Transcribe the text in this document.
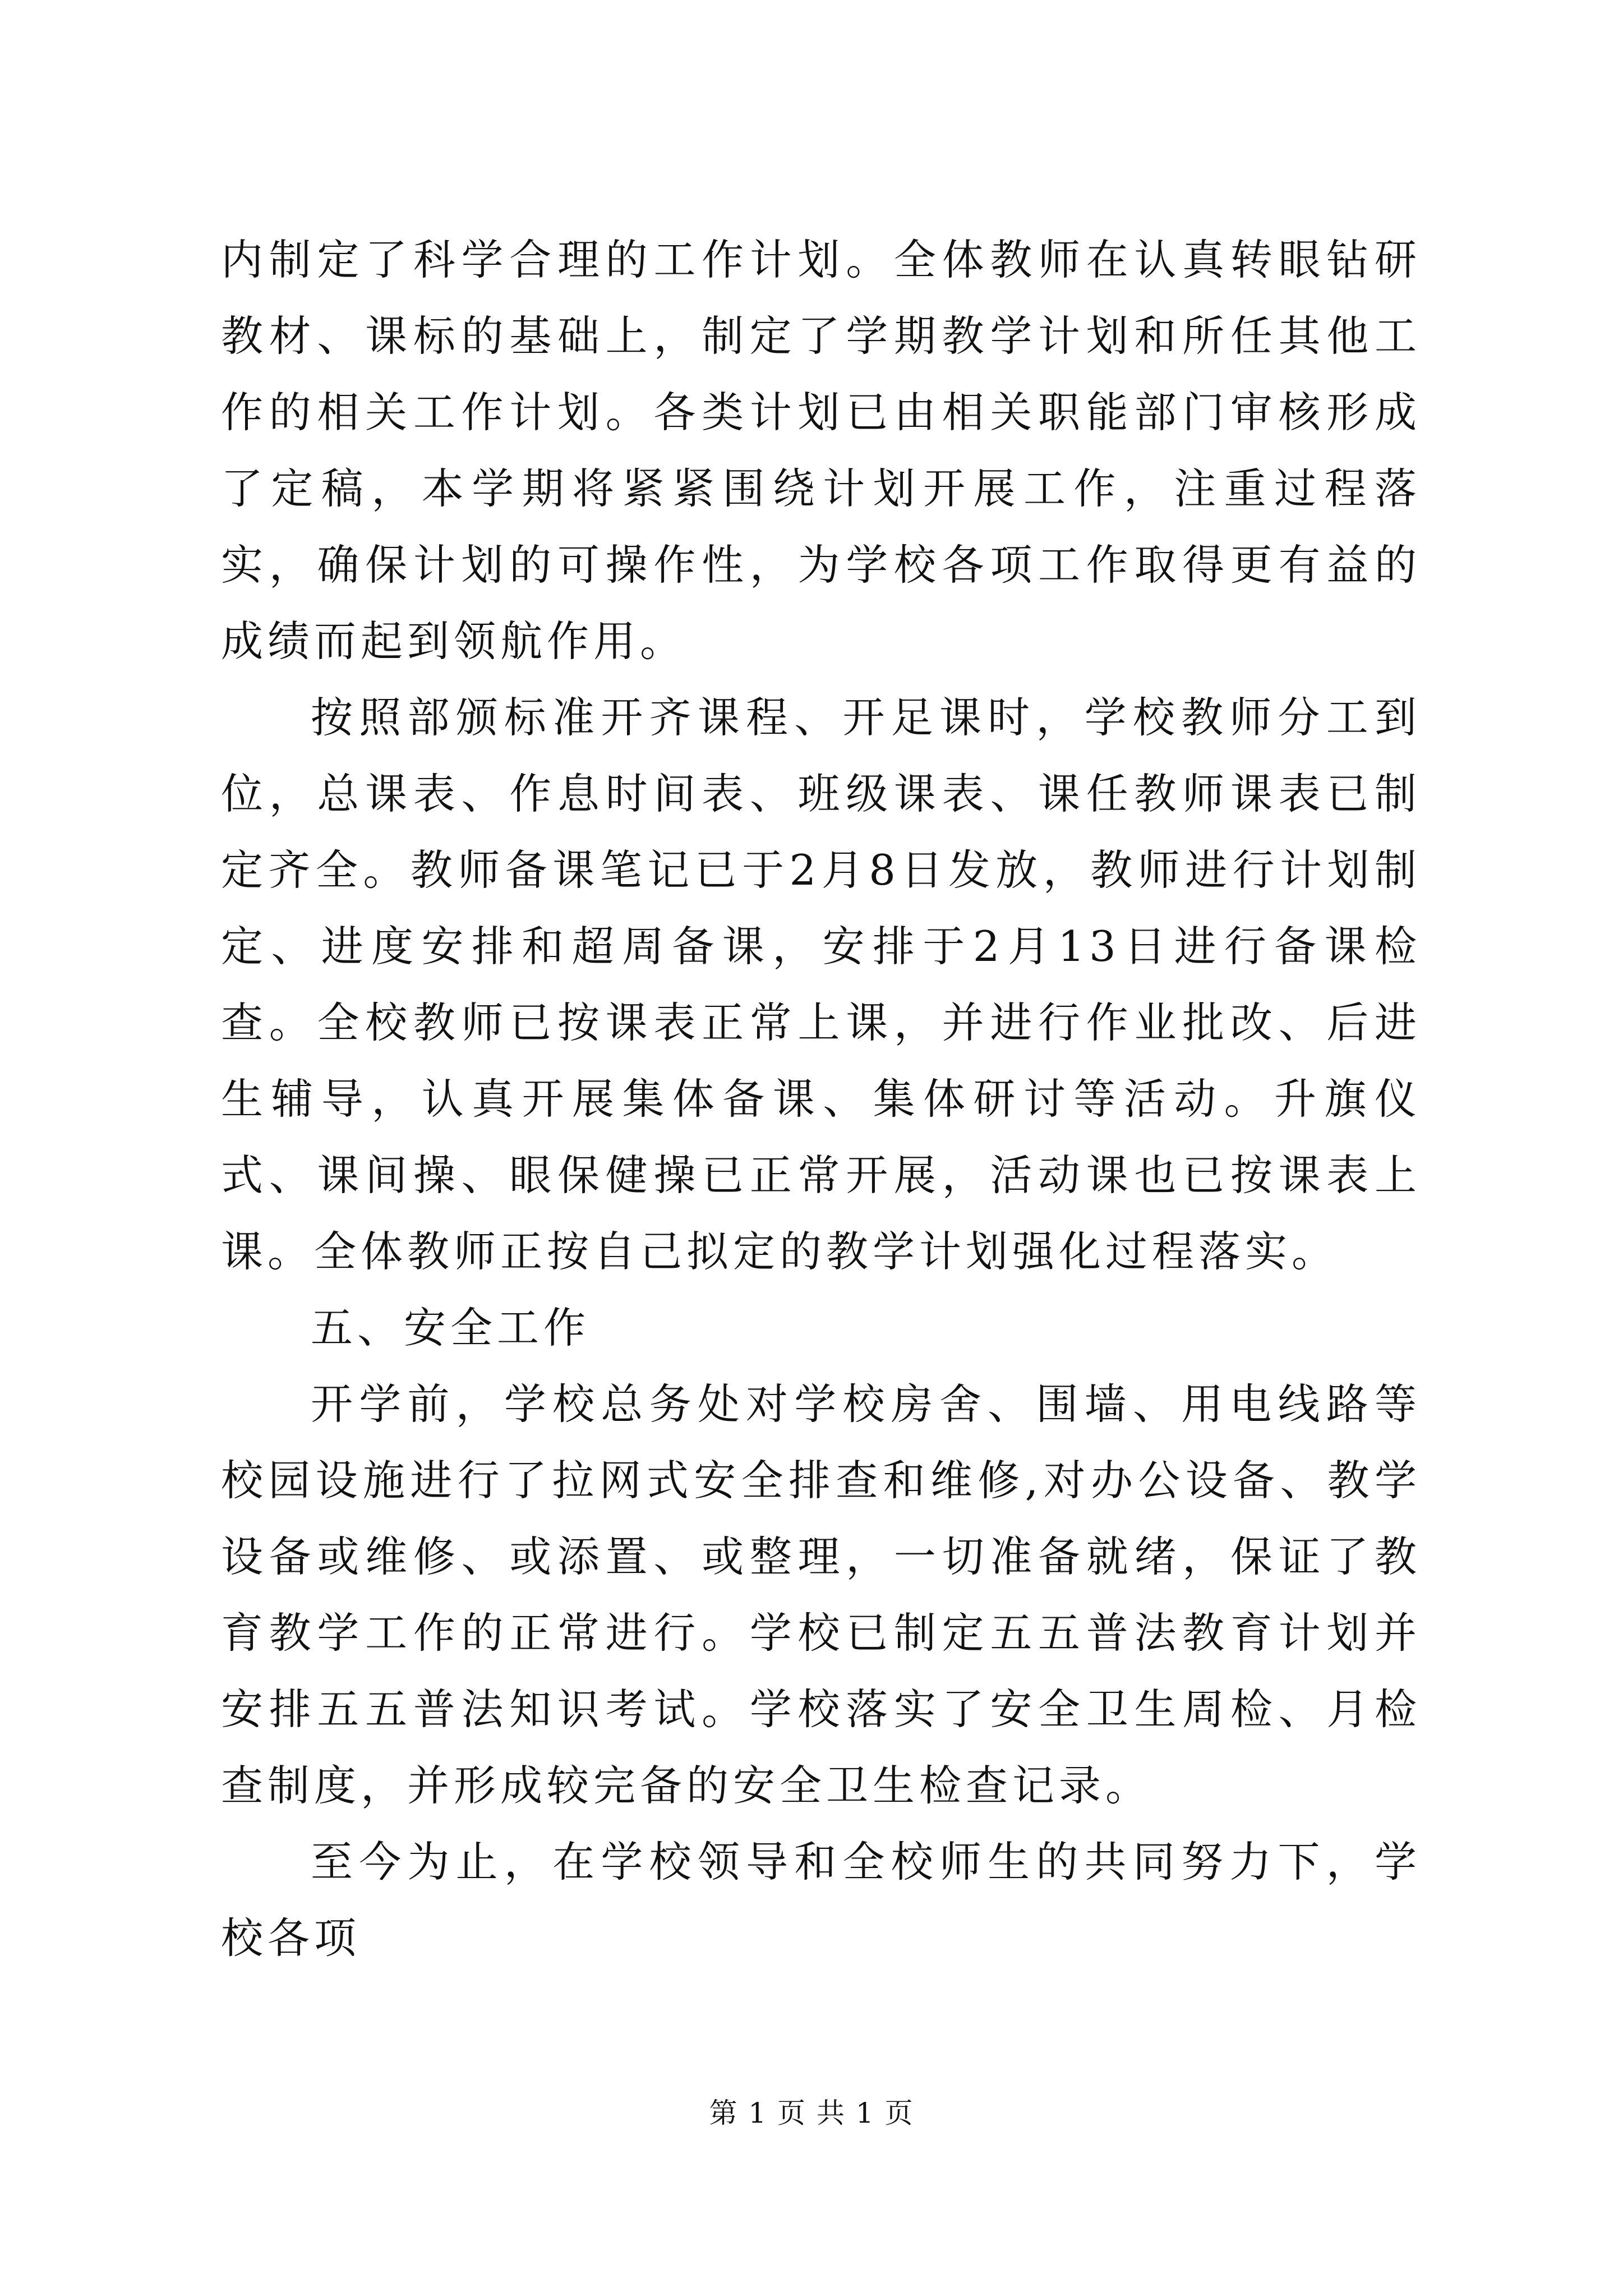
内制定了科学合理的工作计划。全体教师在认真转眼钻研教材、课标的基础上，制定了学期教学计划和所任其他工作的相关工作计划。各类计划已由相关职能部门审核形成了定稿，本学期将紧紧围绕计划开展工作，注重过程落实，确保计划的可操作性，为学校各项工作取得更有益的成绩而起到领航作用。

按照部颁标准开齐课程、开足课时，学校教师分工到位，总课表、作息时间表、班级课表、课任教师课表已制定齐全。教师备课笔记已于2月8日发放，教师进行计划制定、进度安排和超周备课，安排于2月13日进行备课检查。全校教师已按课表正常上课，并进行作业批改、后进生辅导，认真开展集体备课、集体研讨等活动。升旗仪式、课间操、眼保健操已正常开展，活动课也已按课表上课。全体教师正按自己拟定的教学计划强化过程落实。

五、安全工作

开学前，学校总务处对学校房舍、围墙、用电线路等校园设施进行了拉网式安全排查和维修,对办公设备、教学设备或维修、或添置、或整理，一切准备就绪，保证了教育教学工作的正常进行。学校已制定五五普法教育计划并安排五五普法知识考试。学校落实了安全卫生周检、月检查制度，并形成较完备的安全卫生检查记录。

至今为止，在学校领导和全校师生的共同努力下，学校各项

第 1 页 共 1 页
